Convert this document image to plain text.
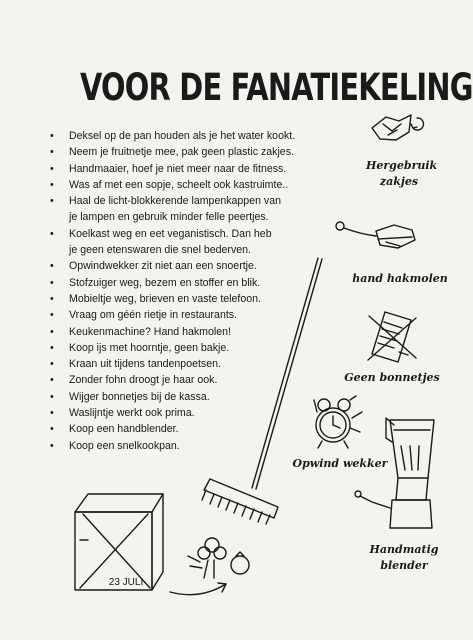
VOOR DE FANATIEKELING
• Deksel op de pan houden als je het water kookt.
• Neem je fruitnetje mee, pak geen plastic zakjes.
• Handmaaier, hoef je niet meer naar de fitness.
• Was af met een sopje, scheelt ook kastruimte..
• Haal de licht-blokkerende lampenkappen van
je lampen en gebruik minder felle peertjes.
• Koelkast weg en eet veganistisch. Dan heb
je geen etenswaren die snel bederven.
• Opwindwekker zit niet aan een snoertje.
• Stofzuiger weg, bezem en stoffer en blik.
• Mobieltje weg, brieven en vaste telefoon.
• Vraag om géén rietje in restaurants.
• Keukenmachine? Hand hakmolen!
• Koop ijs met hoorntje, geen bakje.
• Kraan uit tijdens tandenpoetsen.
• Zonder fohn droogt je haar ook.
• Wijger bonnetjes bij de kassa.
• Waslijntje werkt ook prima.
• Koop een handblender.
• Koop een snelkookpan.
Hergebruik zakjes
hand hakmolen
Geen bonnetjes
Opwind wekker
Handmatig blender
23 JULI
